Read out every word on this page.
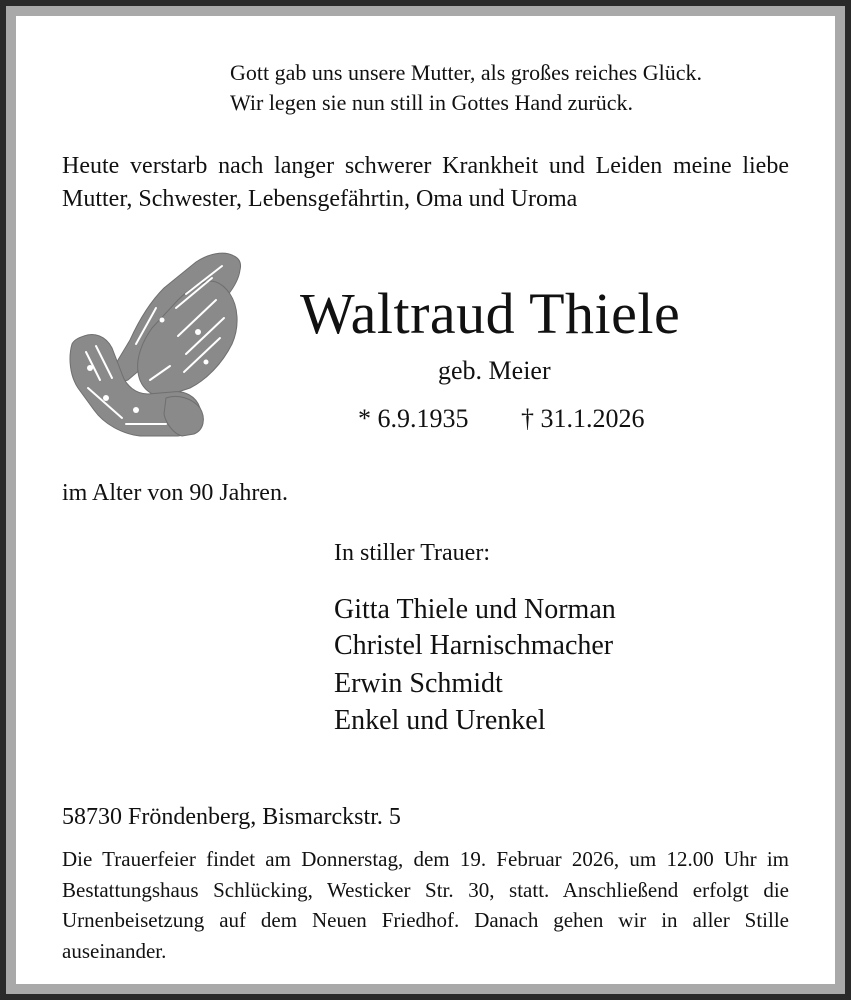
Gott gab uns unsere Mutter, als großes reiches Glück.
Wir legen sie nun still in Gottes Hand zurück.
Heute verstarb nach langer schwerer Krankheit und Leiden meine liebe Mutter, Schwester, Lebensgefährtin, Oma und Uroma
Waltraud Thiele
geb. Meier
* 6.9.1935 † 31.1.2026
im Alter von 90 Jahren.
In stiller Trauer:
Gitta Thiele und Norman
Christel Harnischmacher
Erwin Schmidt
Enkel und Urenkel
58730 Fröndenberg, Bismarckstr. 5
Die Trauerfeier findet am Donnerstag, dem 19. Februar 2026, um 12.00 Uhr im Bestattungshaus Schlücking, Westicker Str. 30, statt. Anschließend erfolgt die Urnenbeisetzung auf dem Neuen Friedhof. Danach gehen wir in aller Stille auseinander.
